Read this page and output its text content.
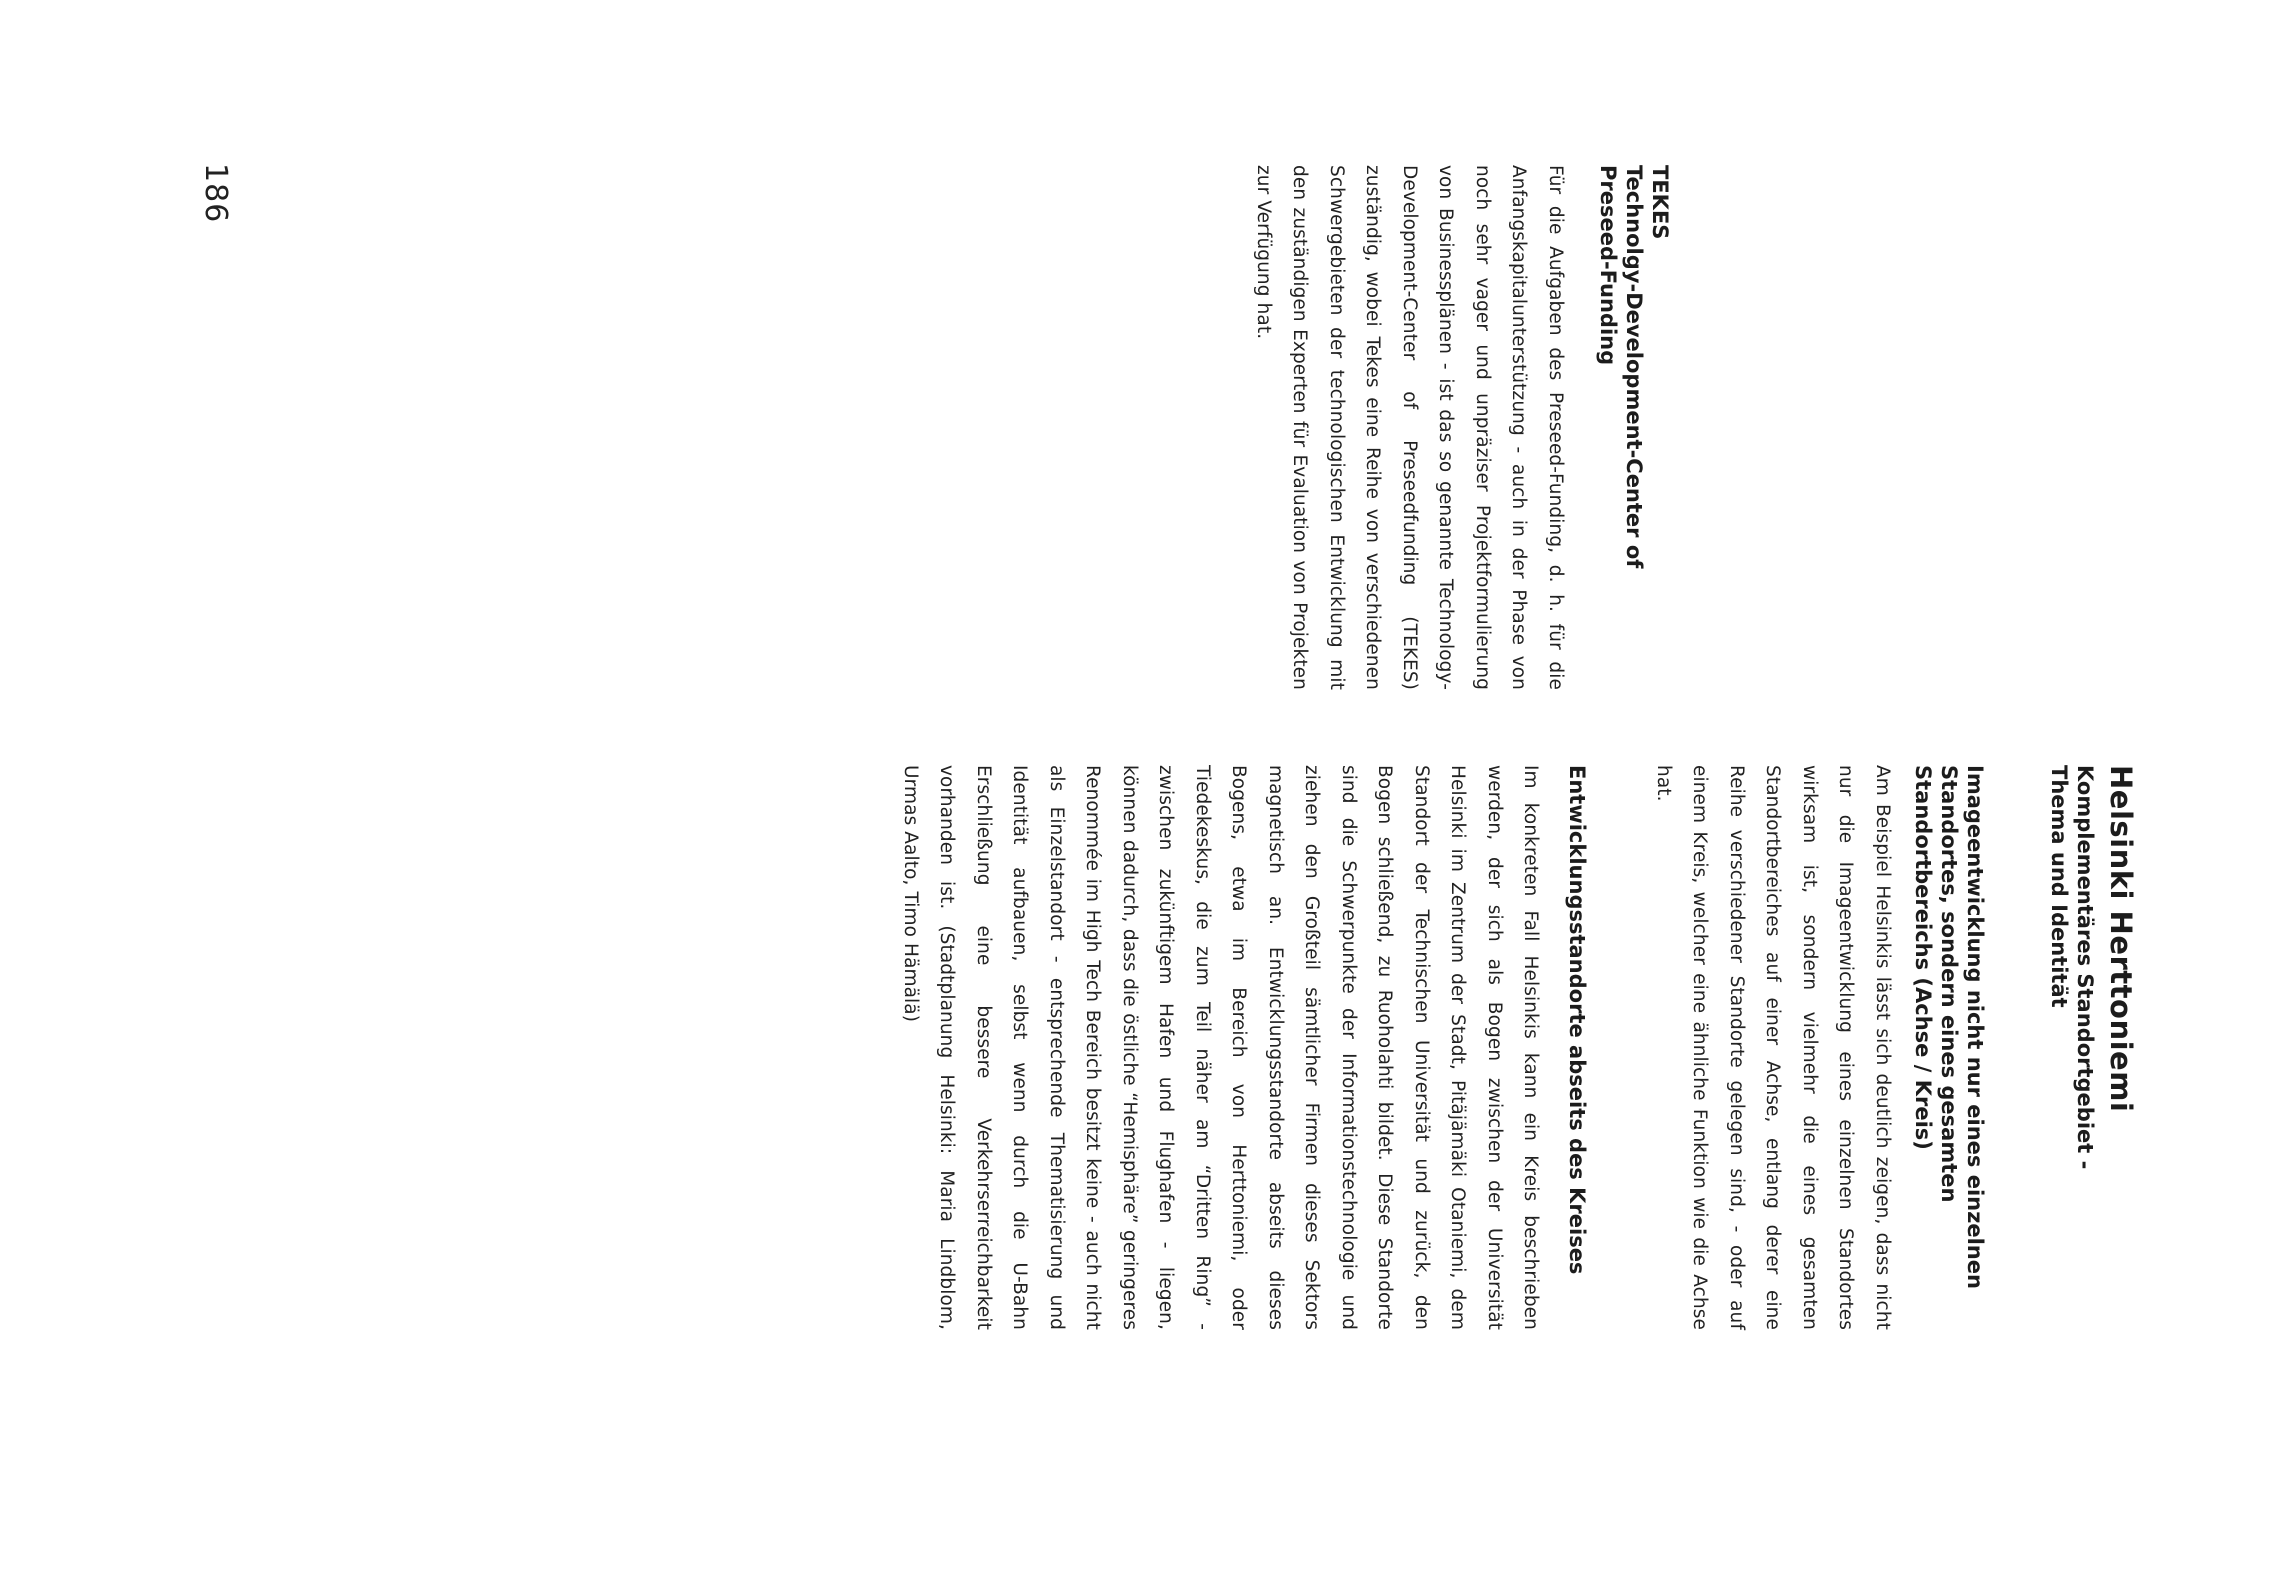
186	TEKES

Technolgy-Development-Center of

Preseed-Funding

Für die Aufgaben des Preseed-Funding, d. h. für die Anfangskapitalunterstützung - auch in der Phase von noch sehr vager und unpräziser Projektformulierung von Businessplänen - ist das so genannte Technology-Development-Center of Preseedfunding (TEKES) zuständig, wobei Tekes eine Reihe von verschiedenen Schwergebieten der technologischen Entwicklung mit den zuständigen Experten für Evaluation von Projekten zur Verfügung hat.

Helsinki Herttoniemi

Komplementäres Standortgebiet -

Thema und Identität

Imageentwicklung nicht nur eines einzelnen Standortes, sondern eines gesamten Standortbereichs (Achse / Kreis)

Am Beispiel Helsinkis lässt sich deutlich zeigen, dass nicht nur die Imageentwicklung eines einzelnen Standortes wirksam ist, sondern vielmehr die eines gesamten Standortbereiches auf einer Achse, entlang derer eine Reihe verschiedener Standorte gelegen sind, - oder auf einem Kreis, welcher eine ähnliche Funktion wie die Achse hat.

Entwicklungsstandorte abseits des Kreises

Im konkreten Fall Helsinkis kann ein Kreis beschrieben werden, der sich als Bogen zwischen der Universität Helsinki im Zentrum der Stadt, Pitäjämäki Otaniemi, dem Standort der Technischen Universität und zurück, den Bogen schließend, zu Ruoholahti bildet. Diese Standorte sind die Schwerpunkte der Informationstechnologie und ziehen den Großteil sämtlicher Firmen dieses Sektors magnetisch an. Entwicklungsstandorte abseits dieses Bogens, etwa im Bereich von Herttoniemi, oder Tiedekeskus, die zum Teil näher am “Dritten Ring” - zwischen zukünftigem Hafen und Flughafen - liegen, können dadurch, dass die östliche “Hemisphäre” geringeres Renommée im High Tech Bereich besitzt keine - auch nicht als Einzelstandort - entsprechende Thematisierung und Identität aufbauen, selbst wenn durch die U-Bahn Erschließung eine bessere Verkehrserreichbarkeit vorhanden ist. (Stadtplanung Helsinki: Maria Lindblom, Urmas Aalto, Timo Hämälä)
